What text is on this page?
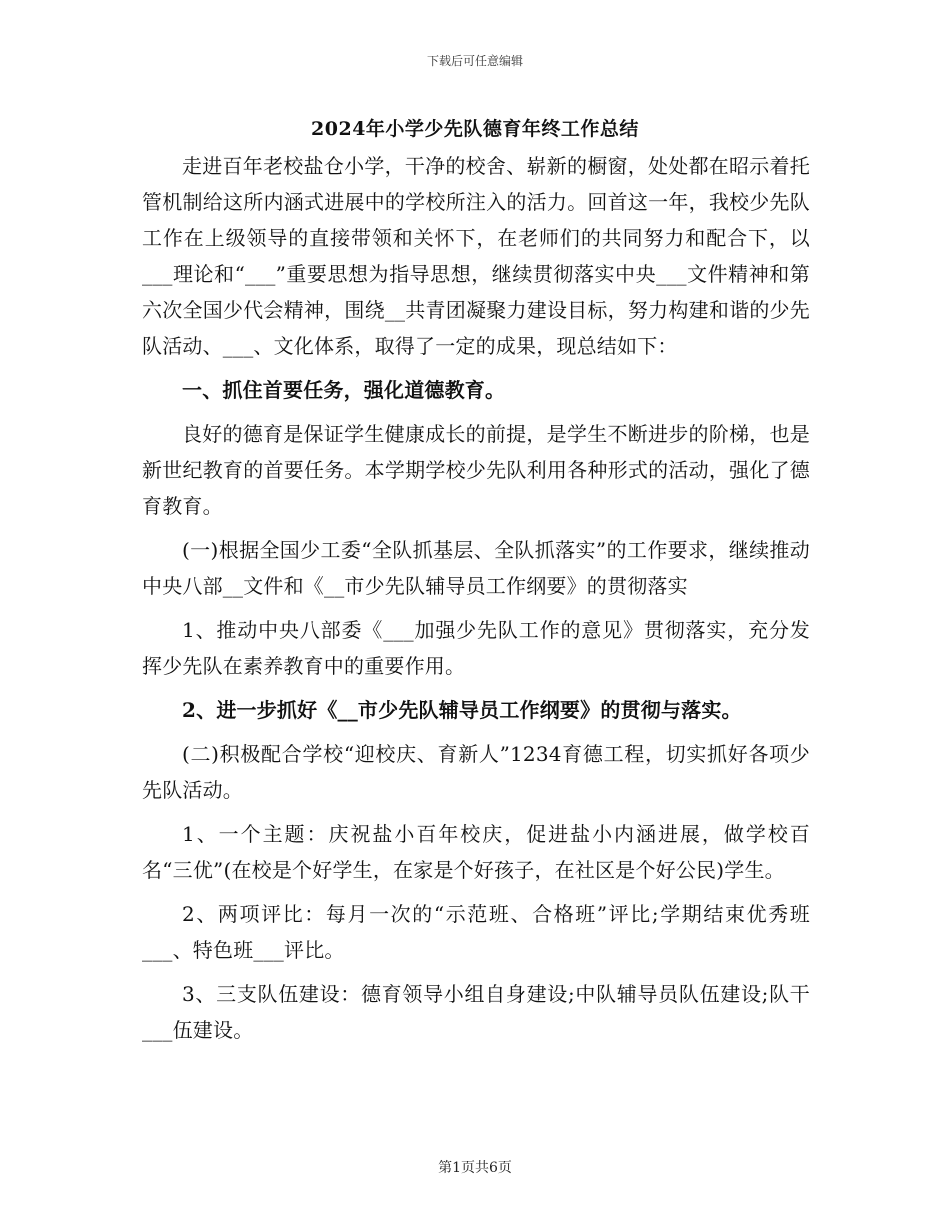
下载后可任意编辑
2024年小学少先队德育年终工作总结

走进百年老校盐仓小学，干净的校舍、崭新的橱窗，处处都在昭示着托管机制给这所内涵式进展中的学校所注入的活力。回首这一年，我校少先队工作在上级领导的直接带领和关怀下，在老师们的共同努力和配合下，以___理论和“___”重要思想为指导思想，继续贯彻落实中央___文件精神和第六次全国少代会精神，围绕__共青团凝聚力建设目标，努力构建和谐的少先队活动、___、文化体系，取得了一定的成果，现总结如下：

一、抓住首要任务，强化道德教育。

良好的德育是保证学生健康成长的前提，是学生不断进步的阶梯，也是新世纪教育的首要任务。本学期学校少先队利用各种形式的活动，强化了德育教育。

(一)根据全国少工委“全队抓基层、全队抓落实”的工作要求，继续推动中央八部__文件和《__市少先队辅导员工作纲要》的贯彻落实

1、推动中央八部委《___加强少先队工作的意见》贯彻落实，充分发挥少先队在素养教育中的重要作用。

2、进一步抓好《__市少先队辅导员工作纲要》的贯彻与落实。

(二)积极配合学校“迎校庆、育新人”1234育德工程，切实抓好各项少先队活动。

1、一个主题：庆祝盐小百年校庆，促进盐小内涵进展，做学校百名“三优”(在校是个好学生，在家是个好孩子，在社区是个好公民)学生。

2、两项评比：每月一次的“示范班、合格班”评比;学期结束优秀班___、特色班___评比。

3、三支队伍建设：德育领导小组自身建设;中队辅导员队伍建设;队干___伍建设。

第1页共6页
